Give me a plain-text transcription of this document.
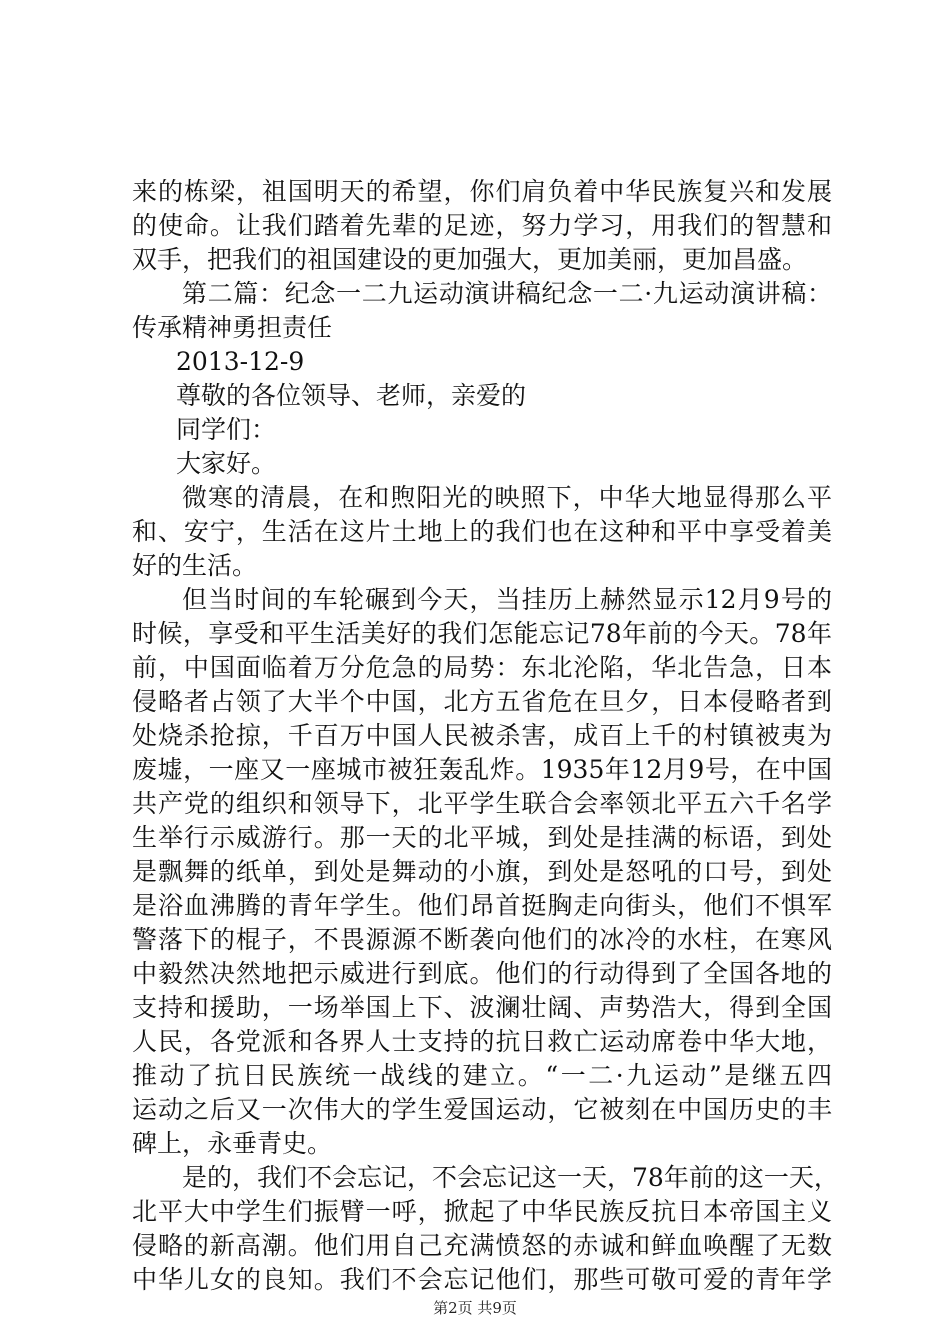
来的栋梁，祖国明天的希望，你们肩负着中华民族复兴和发展
的使命。让我们踏着先辈的足迹，努力学习，用我们的智慧和
双手，把我们的祖国建设的更加强大，更加美丽，更加昌盛。
第二篇：纪念一二九运动演讲稿纪念一二·九运动演讲稿：
传承精神勇担责任
2013-12-9
尊敬的各位领导、老师，亲爱的
同学们：
大家好。
微寒的清晨，在和煦阳光的映照下，中华大地显得那么平
和、安宁，生活在这片土地上的我们也在这种和平中享受着美
好的生活。
但当时间的车轮碾到今天，当挂历上赫然显示12月9号的
时候，享受和平生活美好的我们怎能忘记78年前的今天。78年
前，中国面临着万分危急的局势：东北沦陷，华北告急，日本
侵略者占领了大半个中国，北方五省危在旦夕，日本侵略者到
处烧杀抢掠，千百万中国人民被杀害，成百上千的村镇被夷为
废墟，一座又一座城市被狂轰乱炸。1935年12月9号，在中国
共产党的组织和领导下，北平学生联合会率领北平五六千名学
生举行示威游行。那一天的北平城，到处是挂满的标语，到处
是飘舞的纸单，到处是舞动的小旗，到处是怒吼的口号，到处
是浴血沸腾的青年学生。他们昂首挺胸走向街头，他们不惧军
警落下的棍子，不畏源源不断袭向他们的冰冷的水柱，在寒风
中毅然决然地把示威进行到底。他们的行动得到了全国各地的
支持和援助，一场举国上下、波澜壮阔、声势浩大，得到全国
人民，各党派和各界人士支持的抗日救亡运动席卷中华大地，
推动了抗日民族统一战线的建立。“一二·九运动”是继五四
运动之后又一次伟大的学生爱国运动，它被刻在中国历史的丰
碑上，永垂青史。
是的，我们不会忘记，不会忘记这一天，78年前的这一天，
北平大中学生们振臂一呼，掀起了中华民族反抗日本帝国主义
侵略的新高潮。他们用自己充满愤怒的赤诚和鲜血唤醒了无数
中华儿女的良知。我们不会忘记他们，那些可敬可爱的青年学
第2页 共9页
